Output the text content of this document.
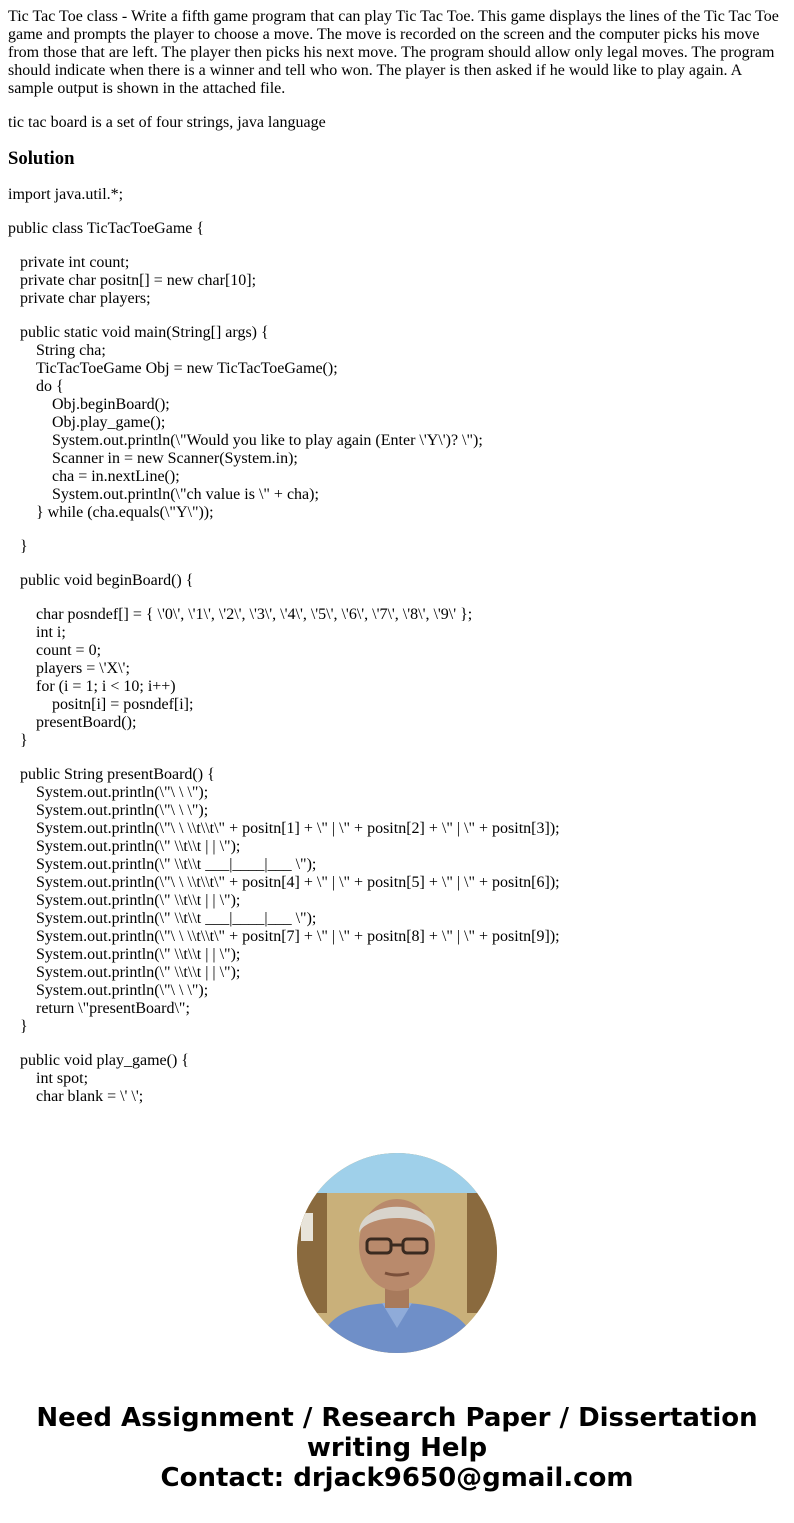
Tic Tac Toe class - Write a fifth game program that can play Tic Tac Toe. This game displays the lines of the Tic Tac Toe game and prompts the player to choose a move. The move is recorded on the screen and the computer picks his move from those that are left. The player then picks his next move. The program should allow only legal moves. The program should indicate when there is a winner and tell who won. The player is then asked if he would like to play again. A sample output is shown in the attached file.

tic tac board is a set of four strings, java language

Solution
import java.util.*;
public class TicTacToeGame {
private int count;
private char positn[] = new char[10];
private char players;
public static void main(String[] args) {
String cha;
TicTacToeGame Obj = new TicTacToeGame();
do {
Obj.beginBoard();
Obj.play_game();
System.out.println(\"Would you like to play again (Enter \'Y\')? \");
Scanner in = new Scanner(System.in);
cha = in.nextLine();
System.out.println(\"ch value is \" + cha);
} while (cha.equals(\"Y\"));
}
public void beginBoard() {
char posndef[] = { \'0\', \'1\', \'2\', \'3\', \'4\', \'5\', \'6\', \'7\', \'8\', \'9\' };
int i;
count = 0;
players = \'X\';
for (i = 1; i < 10; i++)
positn[i] = posndef[i];
presentBoard();
}
public String presentBoard() {
System.out.println(\"\ \ \");
System.out.println(\"\ \ \");
System.out.println(\"\ \ \\t\\t\" + positn[1] + \" | \" + positn[2] + \" | \" + positn[3]);
System.out.println(\" \\t\\t | | \");
System.out.println(\" \\t\\t ___|____|___ \");
System.out.println(\"\ \ \\t\\t\" + positn[4] + \" | \" + positn[5] + \" | \" + positn[6]);
System.out.println(\" \\t\\t | | \");
System.out.println(\" \\t\\t ___|____|___ \");
System.out.println(\"\ \ \\t\\t\" + positn[7] + \" | \" + positn[8] + \" | \" + positn[9]);
System.out.println(\" \\t\\t | | \");
System.out.println(\" \\t\\t | | \");
System.out.println(\"\ \ \");
return \"presentBoard\";
}
public void play_game() {
int spot;
char blank = \' \';
Need Assignment / Research Paper / Dissertation
writing Help
Contact: drjack9650@gmail.com
